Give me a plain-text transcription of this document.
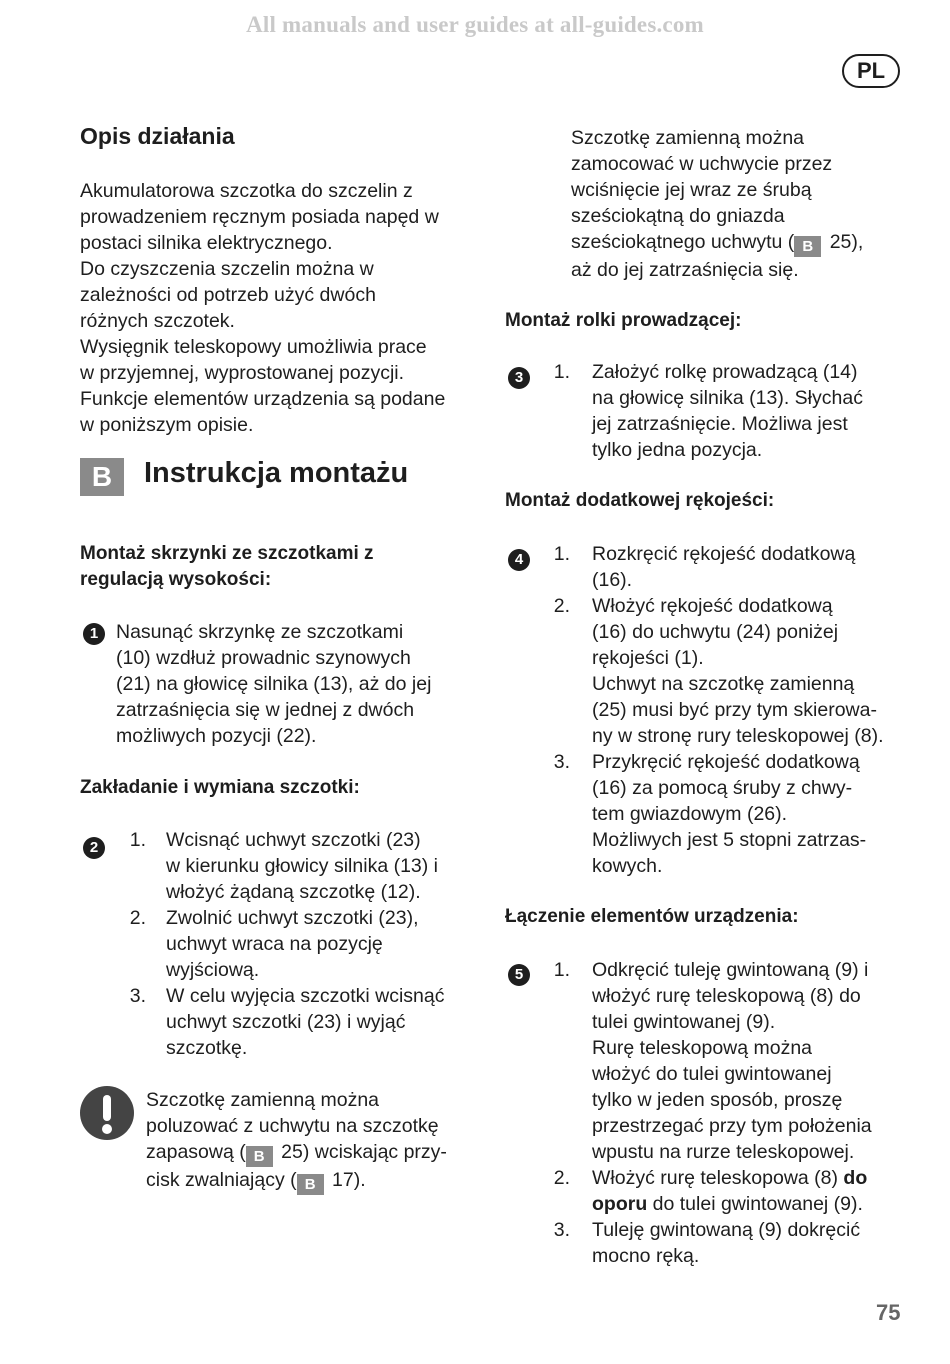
All manuals and user guides at all-guides.com
PL
Opis działania

Akumulatorowa szczotka do szczelin z

prowadzeniem ręcznym posiada napęd w

postaci silnika elektrycznego.

Do czyszczenia szczelin można w

zależności od potrzeb użyć dwóch

różnych szczotek.

Wysięgnik teleskopowy umożliwia prace

w przyjemnej, wyprostowanej pozycji.

Funkcje elementów urządzenia są podane

w poniższym opisie.

B	Instrukcja montażu
Montaż skrzynki ze szczotkami z
regulacją wysokości:
1 Nasunąć skrzynkę ze szczotkami

(10) wzdłuż prowadnic szynowych

(21) na głowicę silnika (13), aż do jej

zatrzaśnięcia się w jednej z dwóch

możliwych pozycji (22).

Zakładanie i wymiana szczotki:
2	1. Wcisnąć uchwyt szczotki (23)

w kierunku głowicy silnika (13) i

włożyć żądaną szczotkę (12).

2. Zwolnić uchwyt szczotki (23),

uchwyt wraca na pozycję

wyjściową.

3. W celu wyjęcia szczotki wcisnąć

uchwyt szczotki (23) i wyjąć

szczotkę.

Szczotkę zamienną można

poluzować z uchwytu na szczotkę

zapasową ( B 25) wciskając przy-

cisk zwalniający ( B 17).

Szczotkę zamienną można

zamocować w uchwycie przez

wciśnięcie jej wraz ze śrubą

sześciokątną do gniazda

sześciokątnego uchwytu ( B 25),

aż do jej zatrzaśnięcia się.

Montaż rolki prowadzącej:
3	1. Założyć rolkę prowadzącą (14)

na głowicę silnika (13). Słychać

jej zatrzaśnięcie. Możliwa jest

tylko jedna pozycja.

Montaż dodatkowej rękojeści:
4	1. Rozkręcić rękojeść dodatkową

(16).

2. Włożyć rękojeść dodatkową

(16) do uchwytu (24) poniżej

rękojeści (1).

Uchwyt na szczotkę zamienną

(25) musi być przy tym skierowa-

ny w stronę rury teleskopowej (8).

3. Przykręcić rękojeść dodatkową

(16) za pomocą śruby z chwy-

tem gwiazdowym (26).

Możliwych jest 5 stopni zatrzas-

kowych.

Łączenie elementów urządzenia:
5	1. Odkręcić tuleję gwintowaną (9) i

włożyć rurę teleskopową (8) do

tulei gwintowanej (9).

Rurę teleskopową można

włożyć do tulei gwintowanej

tylko w jeden sposób, proszę

przestrzegać przy tym położenia

wpustu na rurze teleskopowej.

2. Włożyć rurę teleskopowa (8) do

oporu do tulei gwintowanej (9).

3. Tuleję gwintowaną (9) dokręcić

mocno ręką.

75
